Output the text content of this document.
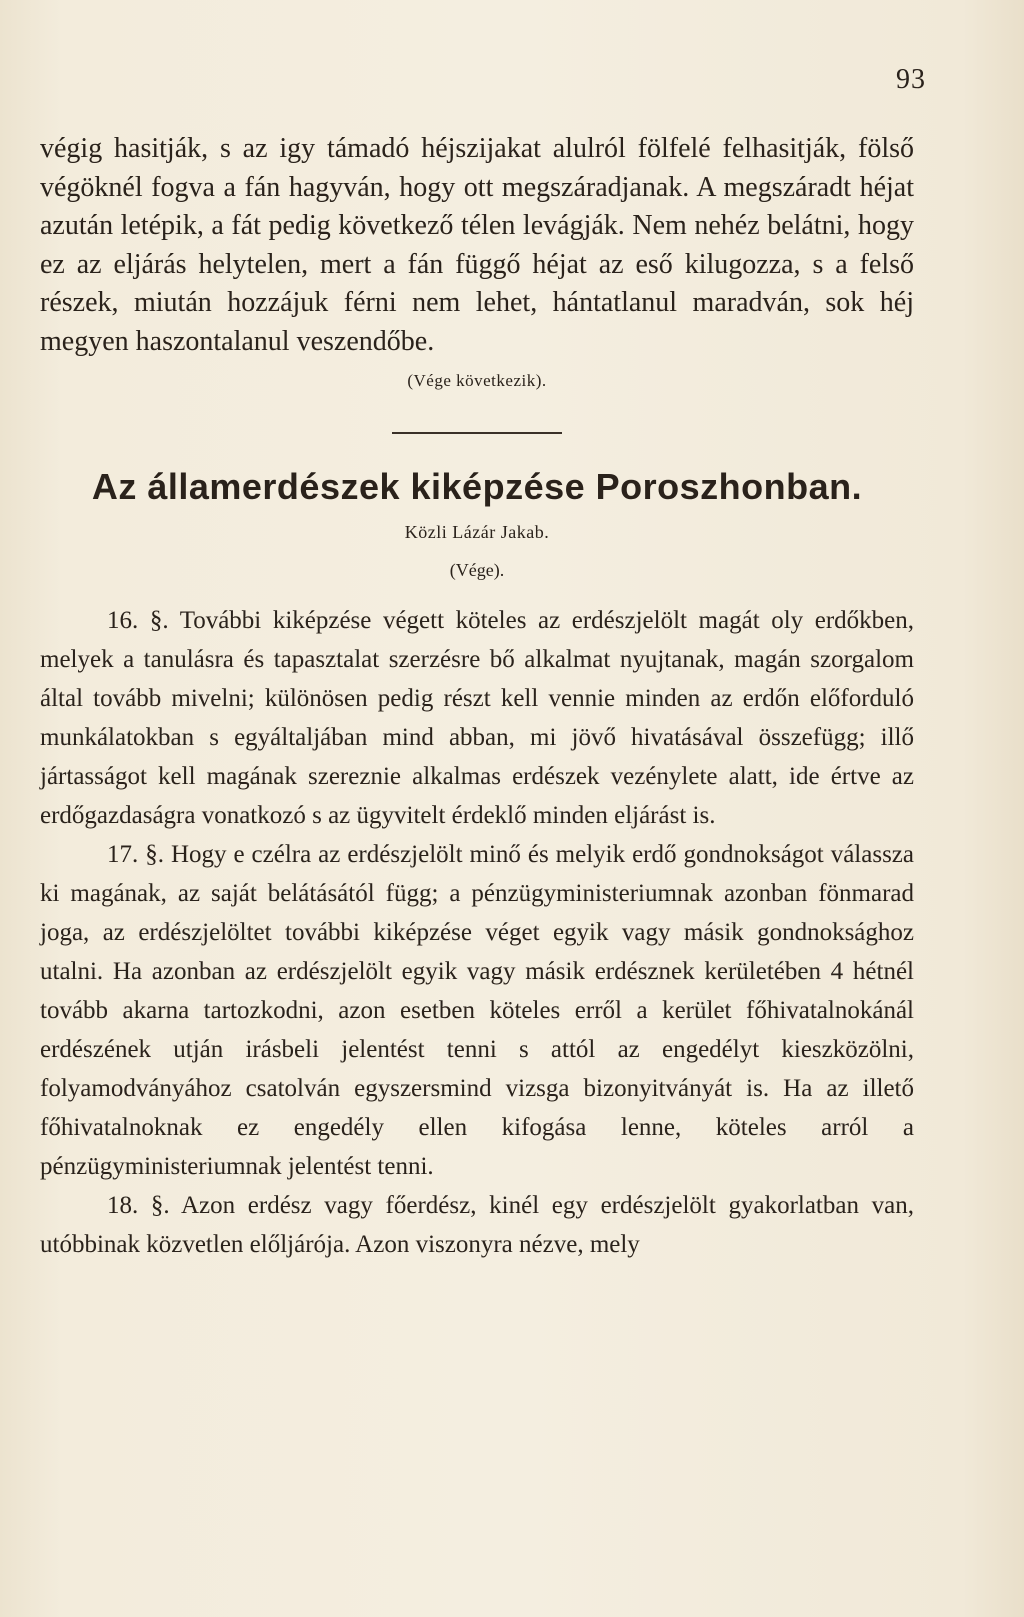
93

végig hasitják, s az igy támadó héjszijakat alulról fölfelé felhasitják, fölső végöknél fogva a fán hagyván, hogy ott megszáradjanak. A megszáradt héjat azután letépik, a fát pedig következő télen levágják. Nem nehéz belátni, hogy ez az eljárás helytelen, mert a fán függő héjat az eső kilugozza, s a felső részek, miután hozzájuk férni nem lehet, hántatlanul maradván, sok héj megyen haszontalanul veszendőbe.

(Vége következik).
Az államerdészek kiképzése Poroszhonban.
Közli Lázár Jakab.
(Vége).

16. §. További kiképzése végett köteles az erdészjelölt magát oly erdőkben, melyek a tanulásra és tapasztalat szerzésre bő alkalmat nyujtanak, magán szorgalom által tovább mivelni; különösen pedig részt kell vennie minden az erdőn előforduló munkálatokban s egyáltaljában mind abban, mi jövő hivatásával összefügg; illő jártasságot kell magának szereznie alkalmas erdészek vezénylete alatt, ide értve az erdőgazdaságra vonatkozó s az ügyvitelt érdeklő minden eljárást is.

17. §. Hogy e czélra az erdészjelölt minő és melyik erdő gondnokságot válassza ki magának, az saját belátásától függ; a pénzügyministeriumnak azonban fönmarad joga, az erdészjelöltet további kiképzése véget egyik vagy másik gondnoksághoz utalni. Ha azonban az erdészjelölt egyik vagy másik erdésznek kerületében 4 hétnél tovább akarna tartozkodni, azon esetben köteles erről a kerület főhivatalnokánál erdészének utján irásbeli jelentést tenni s attól az engedélyt kieszközölni, folyamodványához csatolván egyszersmind vizsga bizonyitványát is. Ha az illető főhivatalnoknak ez engedély ellen kifogása lenne, köteles arról a pénzügyministeriumnak jelentést tenni.

18. §. Azon erdész vagy főerdész, kinél egy erdészjelölt gyakorlatban van, utóbbinak közvetlen előljárója. Azon viszonyra nézve, mely
